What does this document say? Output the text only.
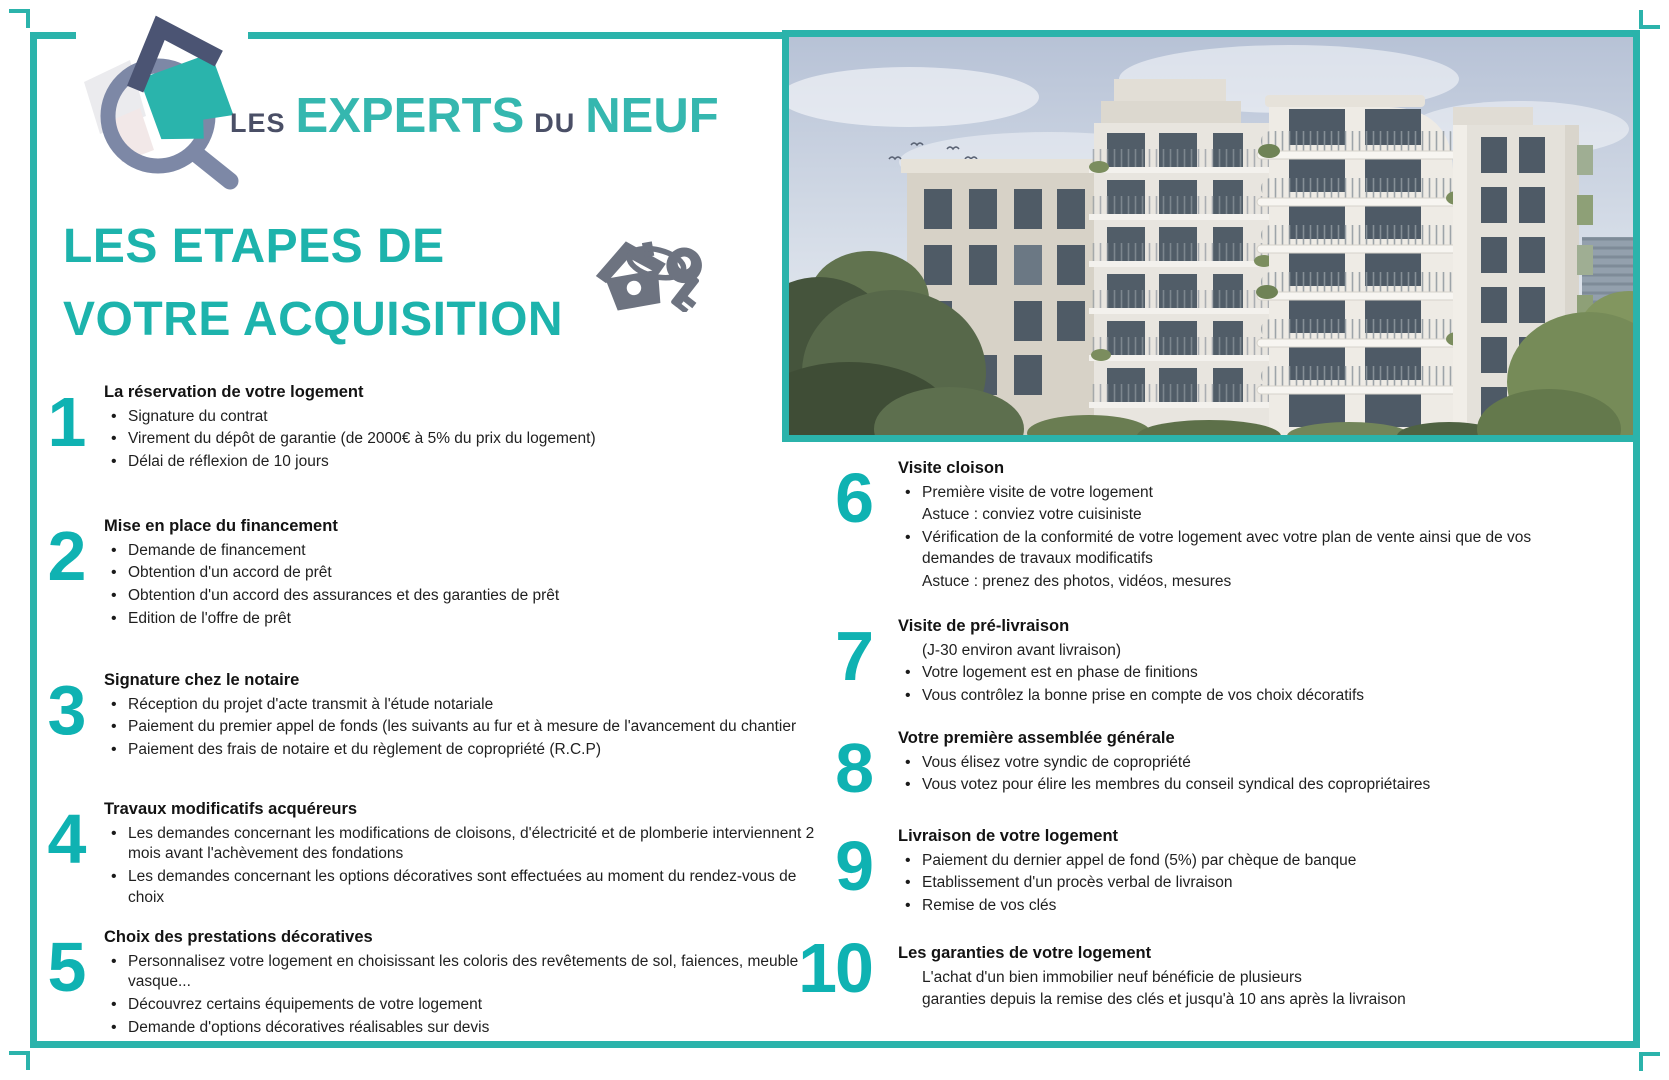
LES EXPERTS DU NEUF
LES ETAPES DE
VOTRE ACQUISITION
1	La réservation de votre logement
• Signature du contrat
• Virement du dépôt de garantie (de 2000€ à 5% du prix du logement)
• Délai de réflexion de 10 jours
2	Mise en place du financement
• Demande de financement
• Obtention d'un accord de prêt
• Obtention d'un accord des assurances et des garanties de prêt
• Edition de l'offre de prêt
3	Signature chez le notaire
• Réception du projet d'acte transmit à l'étude notariale
• Paiement du premier appel de fonds (les suivants au fur et à mesure de l'avancement du chantier
• Paiement des frais de notaire et du règlement de copropriété (R.C.P)
4	Travaux modificatifs acquéreurs
• Les demandes concernant les modifications de cloisons, d'électricité et de plomberie interviennent 2 mois avant l'achèvement des fondations
• Les demandes concernant les options décoratives sont effectuées au moment du rendez-vous de choix
5	Choix des prestations décoratives
• Personnalisez votre logement en choisissant les coloris des revêtements de sol, faiences, meuble vasque...
• Découvrez certains équipements de votre logement
• Demande d'options décoratives réalisables sur devis
6	Visite cloison
• Première visite de votre logement
Astuce : conviez votre cuisiniste
• Vérification de la conformité de votre logement avec votre plan de vente ainsi que de vos demandes de travaux modificatifs
Astuce : prenez des photos, vidéos, mesures
7	Visite de pré-livraison
(J-30 environ avant livraison)
• Votre logement est en phase de finitions
• Vous contrôlez la bonne prise en compte de vos choix décoratifs
8	Votre première assemblée générale
• Vous élisez votre syndic de copropriété
• Vous votez pour élire les membres du conseil syndical des copropriétaires
9	Livraison de votre logement
• Paiement du dernier appel de fond (5%) par chèque de banque
• Etablissement d'un procès verbal de livraison
• Remise de vos clés
10	Les garanties de votre logement
L'achat d'un bien immobilier neuf bénéficie de plusieurs
garanties depuis la remise des clés et jusqu'à 10 ans après la livraison
